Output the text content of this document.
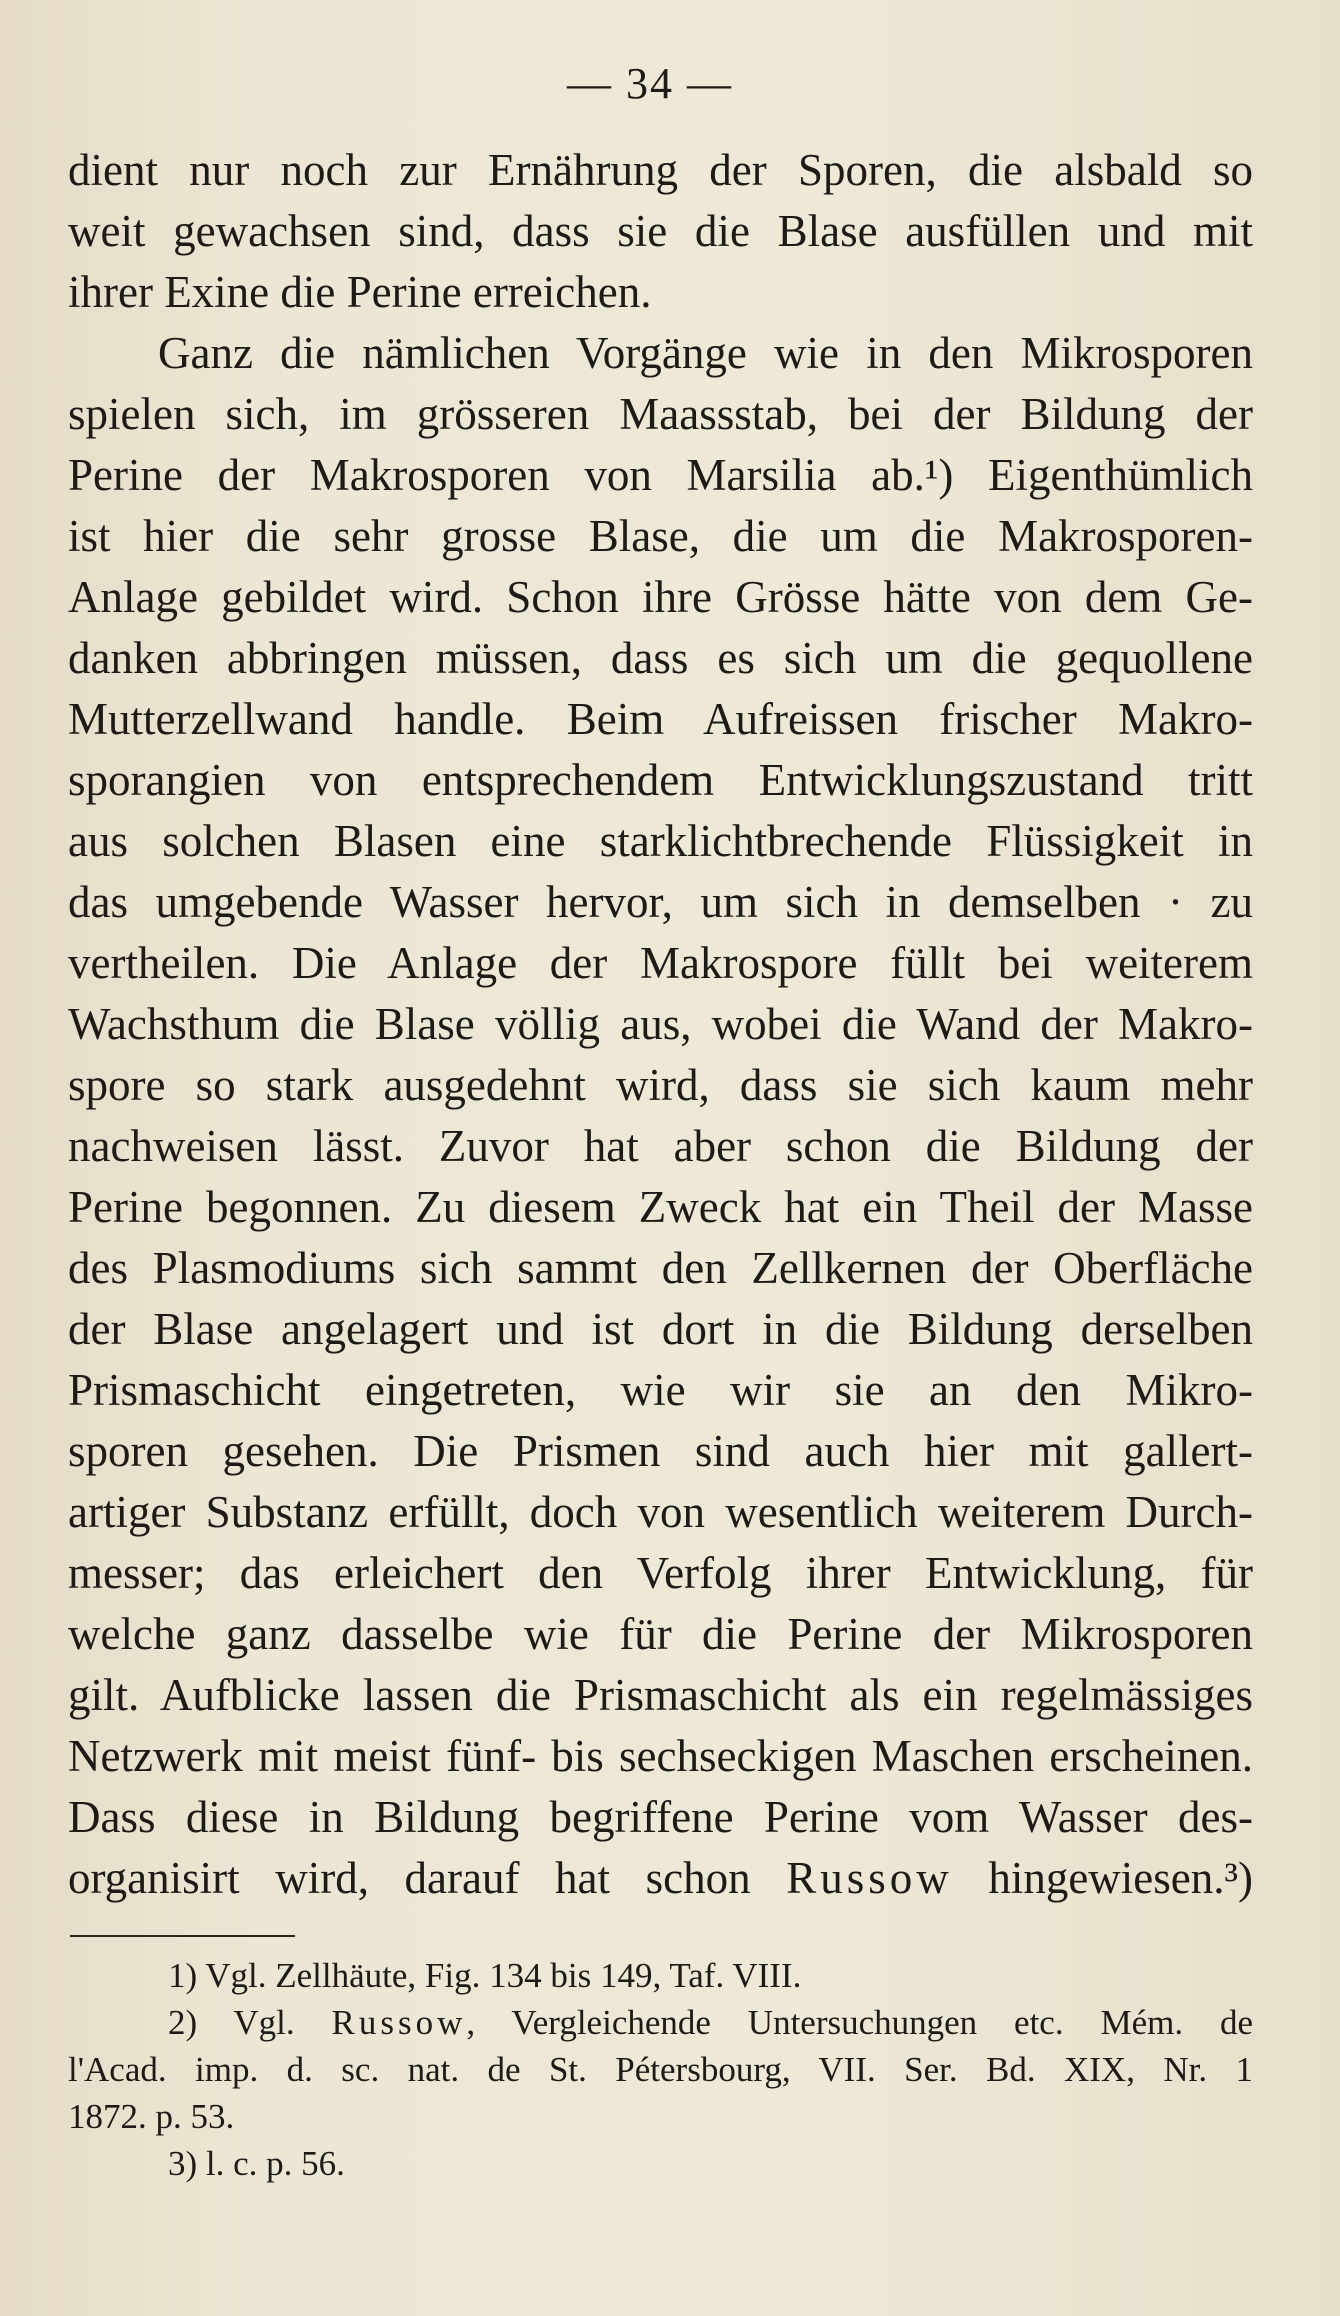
— 34 —
dient nur noch zur Ernährung der Sporen, die alsbald so
weit gewachsen sind, dass sie die Blase ausfüllen und mit
ihrer Exine die Perine erreichen.
Ganz die nämlichen Vorgänge wie in den Mikrosporen
spielen sich, im grösseren Maassstab, bei der Bildung der
Perine der Makrosporen von Marsilia ab.¹) Eigenthümlich
ist hier die sehr grosse Blase, die um die Makrosporen-
Anlage gebildet wird. Schon ihre Grösse hätte von dem Ge-
danken abbringen müssen, dass es sich um die gequollene
Mutterzellwand handle. Beim Aufreissen frischer Makro-
sporangien von entsprechendem Entwicklungszustand tritt
aus solchen Blasen eine starklichtbrechende Flüssigkeit in
das umgebende Wasser hervor, um sich in demselben · zu
vertheilen. Die Anlage der Makrospore füllt bei weiterem
Wachsthum die Blase völlig aus, wobei die Wand der Makro-
spore so stark ausgedehnt wird, dass sie sich kaum mehr
nachweisen lässt. Zuvor hat aber schon die Bildung der
Perine begonnen. Zu diesem Zweck hat ein Theil der Masse
des Plasmodiums sich sammt den Zellkernen der Oberfläche
der Blase angelagert und ist dort in die Bildung derselben
Prismaschicht eingetreten, wie wir sie an den Mikro-
sporen gesehen. Die Prismen sind auch hier mit gallert-
artiger Substanz erfüllt, doch von wesentlich weiterem Durch-
messer; das erleichert den Verfolg ihrer Entwicklung, für
welche ganz dasselbe wie für die Perine der Mikrosporen
gilt. Aufblicke lassen die Prismaschicht als ein regelmässiges
Netzwerk mit meist fünf- bis sechseckigen Maschen erscheinen.
Dass diese in Bildung begriffene Perine vom Wasser des-
organisirt wird, darauf hat schon Russow hingewiesen.³)
1) Vgl. Zellhäute, Fig. 134 bis 149, Taf. VIII.
2) Vgl. Russow, Vergleichende Untersuchungen etc. Mém. de
l'Acad. imp. d. sc. nat. de St. Pétersbourg, VII. Ser. Bd. XIX, Nr. 1
1872. p. 53.
3) l. c. p. 56.
